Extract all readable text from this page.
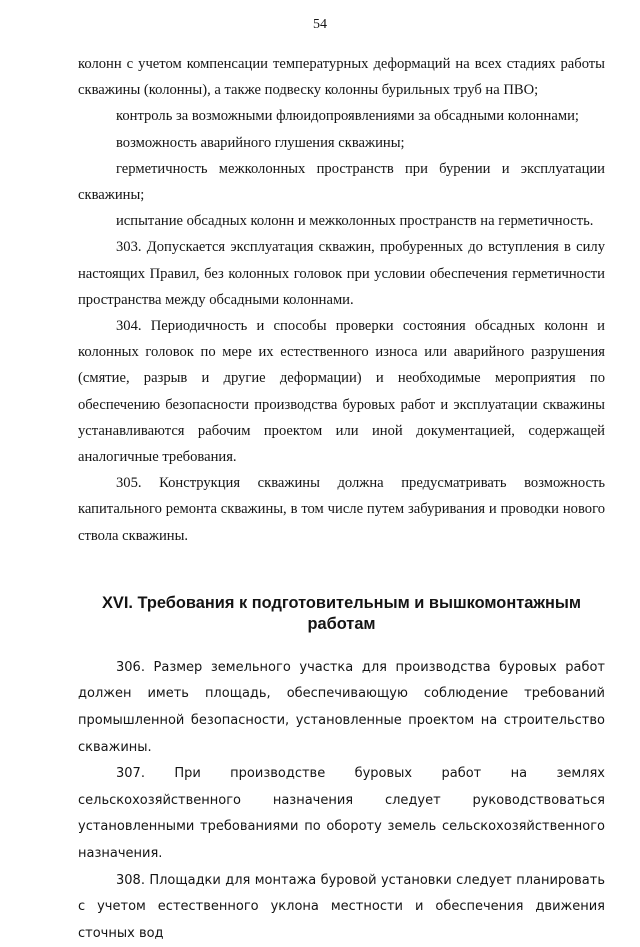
54

колонн с учетом компенсации температурных деформаций на всех стадиях работы скважины (колонны), а также подвеску колонны бурильных труб на ПВО;

контроль за возможными флюидопроявлениями за обсадными колоннами;

возможность аварийного глушения скважины;

герметичность межколонных пространств при бурении и эксплуатации скважины;

испытание обсадных колонн и межколонных пространств на герметичность.

303. Допускается эксплуатация скважин, пробуренных до вступления в силу настоящих Правил, без колонных головок при условии обеспечения герметичности пространства между обсадными колоннами.

304. Периодичность и способы проверки состояния обсадных колонн и колонных головок по мере их естественного износа или аварийного разрушения (смятие, разрыв и другие деформации) и необходимые мероприятия по обеспечению безопасности производства буровых работ и эксплуатации скважины устанавливаются рабочим проектом или иной документацией, содержащей аналогичные требования.

305. Конструкция скважины должна предусматривать возможность капитального ремонта скважины, в том числе путем забуривания и проводки нового ствола скважины.

XVI. Требования к подготовительным и вышкомонтажным работам

306. Размер земельного участка для производства буровых работ должен иметь площадь, обеспечивающую соблюдение требований промышленной безопасности, установленные проектом на строительство скважины.

307. При производстве буровых работ на землях сельскохозяйственного назначения следует руководствоваться установленными требованиями по обороту земель сельскохозяйственного назначения.

308. Площадки для монтажа буровой установки следует планировать с учетом естественного уклона местности и обеспечения движения сточных вод
